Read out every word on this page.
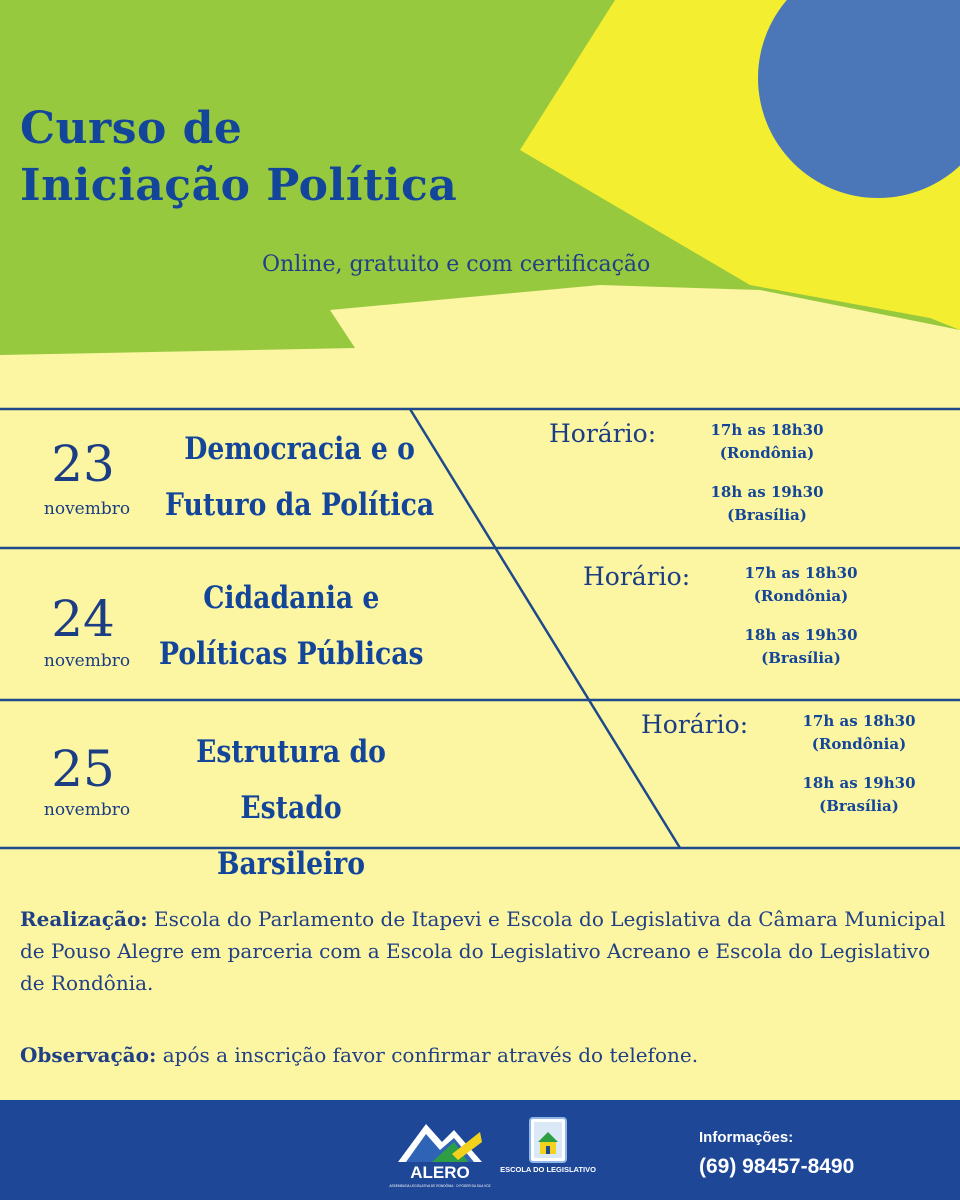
Curso de
Iniciação Política
Online, gratuito e com certificação
23
novembro
Democracia e o
Futuro da Política
Horário:	17h as 18h30
(Rondônia)
18h as 19h30
(Brasília)
24
novembro
Cidadania e
Políticas Públicas
Horário:	17h as 18h30
(Rondônia)
18h as 19h30
(Brasília)
25
novembro
Estrutura do
Estado Barsileiro
Horário:	17h as 18h30
(Rondônia)
18h as 19h30
(Brasília)
Realização: Escola do Parlamento de Itapevi e Escola do Legislativa da Câmara Municipal de Pouso Alegre em parceria com a Escola do Legislativo Acreano e Escola do Legislativo de Rondônia.
Observação: após a inscrição favor confirmar através do telefone.
ALERO
ASSEMBLEIA LEGISLATIVA DE RONDÔNIA · O PODER DA SUA VOZ
ESCOLA DO LEGISLATIVO
Informações:
(69) 98457-8490
